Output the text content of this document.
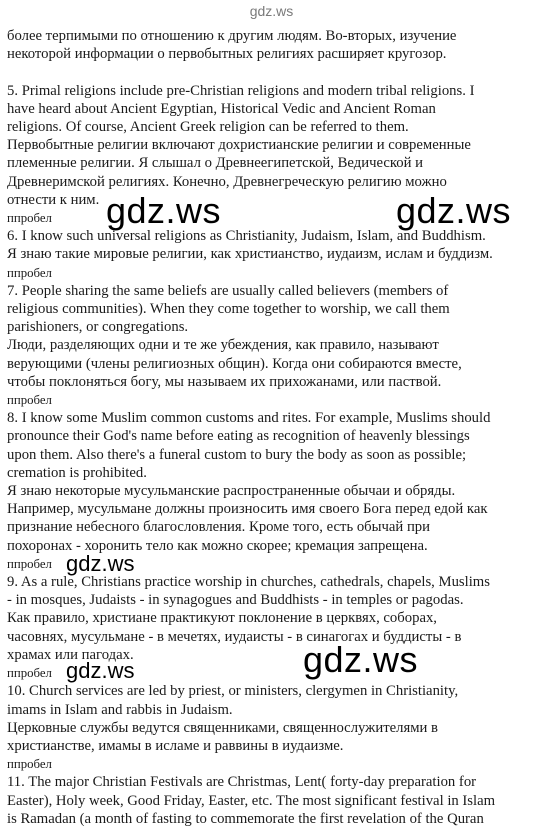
gdz.ws
более терпимыми по отношению к другим людям. Во-вторых, изучение
некоторой информации о первобытных религиях расширяет кругозор.
5. Primal religions include pre-Christian religions and modern tribal religions. I
have heard about Ancient Egyptian, Historical Vedic and Ancient Roman
religions. Of course, Ancient Greek religion can be referred to them.
Первобытные религии включают дохристианские религии и современные
племенные религии. Я слышал о Древнеегипетской, Ведической и
Древнеримской религиях. Конечно, Древнегреческую религию можно
отнести к ним.
ппробел
6. I know such universal religions as Christianity, Judaism, Islam, and Buddhism.
Я знаю такие мировые религии, как христианство, иудаизм, ислам и буддизм.
ппробел
7. People sharing the same beliefs are usually called believers (members of
religious communities). When they come together to worship, we call them
parishioners, or congregations.
Люди, разделяющих одни и те же убеждения, как правило, называют
верующими (члены религиозных общин). Когда они собираются вместе,
чтобы поклоняться богу, мы называем их прихожанами, или паствой.
ппробел
8. I know some Muslim common customs and rites. For example, Muslims should
pronounce their God's name before eating as recognition of heavenly blessings
upon them. Also there's a funeral custom to bury the body as soon as possible;
cremation is prohibited.
Я знаю некоторые мусульманские распространенные обычаи и обряды.
Например, мусульмане должны произносить имя своего Бога перед едой как
признание небесного благословления. Кроме того, есть обычай при
похоронах - хоронить тело как можно скорее; кремация запрещена.
ппробел
9. As a rule, Christians practice worship in churches, cathedrals, chapels, Muslims
- in mosques, Judaists - in synagogues and Buddhists - in temples or pagodas.
Как правило, христиане практикуют поклонение в церквях, соборах,
часовнях, мусульмане - в мечетях, иудаисты - в синагогах и буддисты - в
храмах или пагодах.
ппробел
10. Church services are led by priest, or ministers, clergymen in Christianity,
imams in Islam and rabbis in Judaism.
Церковные службы ведутся священниками, священнослужителями в
христианстве, имамы в исламе и раввины в иудаизме.
ппробел
11. The major Christian Festivals are Christmas, Lent( forty-day preparation for
Easter), Holy week, Good Friday, Easter, etc. The most significant festival in Islam
is Ramadan (a month of fasting to commemorate the first revelation of the Quran
gdz.ws	gdz.ws
gdz.ws
gdz.ws
gdz.ws
